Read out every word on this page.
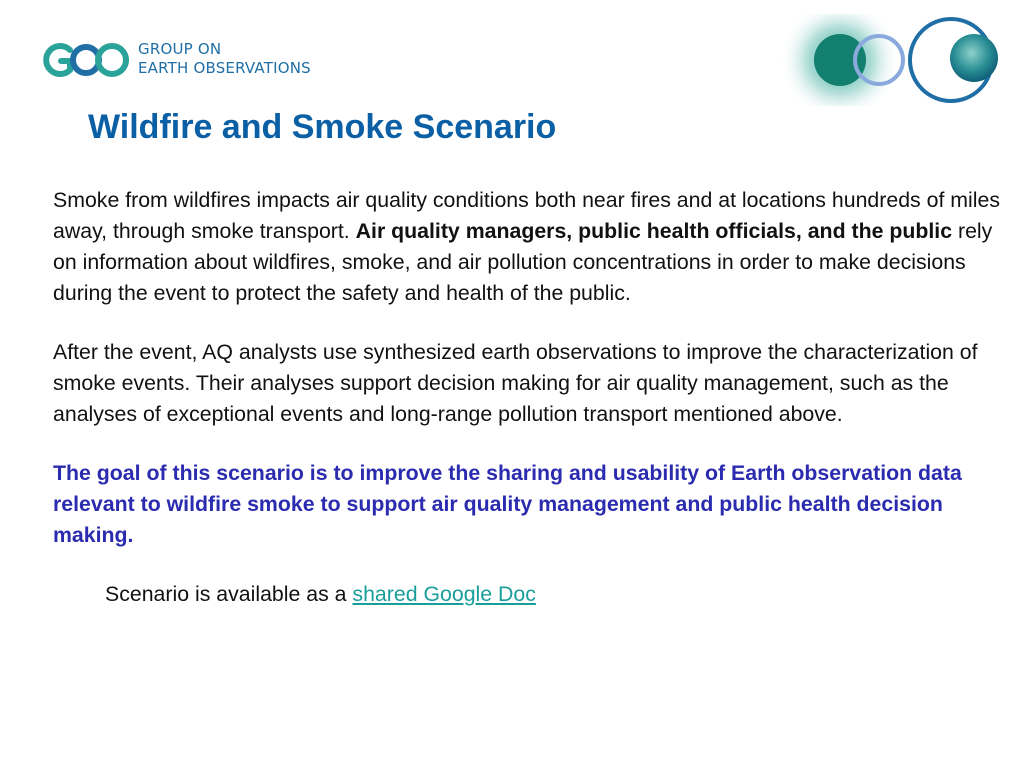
GROUP ON
EARTH OBSERVATIONS
Wildfire and Smoke Scenario

Smoke from wildfires impacts air quality conditions both near fires and at locations hundreds of miles away, through smoke transport. Air quality managers, public health officials, and the public rely on information about wildfires, smoke, and air pollution concentrations in order to make decisions during the event to protect the safety and health of the public.

After the event, AQ analysts use synthesized earth observations to improve the characterization of smoke events. Their analyses support decision making for air quality management, such as the analyses of exceptional events and long-range pollution transport mentioned above.

The goal of this scenario is to improve the sharing and usability of Earth observation data relevant to wildfire smoke to support air quality management and public health decision making.

Scenario is available as a shared Google Doc
